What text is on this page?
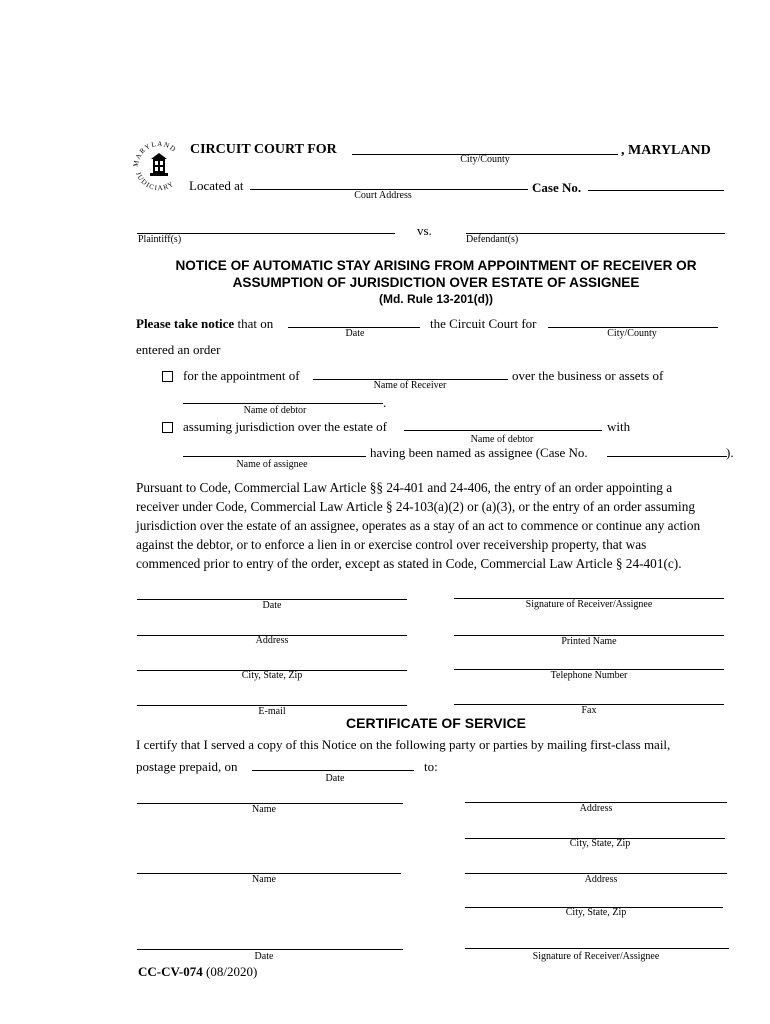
MARYLAND
JUDICIARY
CIRCUIT COURT FOR
City/County
, MARYLAND
Located at
Court Address
Case No.
Plaintiff(s)
vs.
Defendant(s)
NOTICE OF AUTOMATIC STAY ARISING FROM APPOINTMENT OF RECEIVER OR
ASSUMPTION OF JURISDICTION OVER ESTATE OF ASSIGNEE
(Md. Rule 13-201(d))
Please take notice that on
Date
the Circuit Court for
City/County
entered an order
for the appointment of
Name of Receiver
over the business or assets of
.
Name of debtor
assuming jurisdiction over the estate of
Name of debtor
with
Name of assignee
having been named as assignee (Case No.	).
Pursuant to Code, Commercial Law Article §§ 24-401 and 24-406, the entry of an order appointing a
receiver under Code, Commercial Law Article § 24-103(a)(2) or (a)(3), or the entry of an order assuming
jurisdiction over the estate of an assignee, operates as a stay of an act to commence or continue any action
against the debtor, or to enforce a lien in or exercise control over receivership property, that was
commenced prior to entry of the order, except as stated in Code, Commercial Law Article § 24-401(c).
Date	Signature of Receiver/Assignee
Address	Printed Name
City, State, Zip	Telephone Number
E-mail	Fax
CERTIFICATE OF SERVICE
I certify that I served a copy of this Notice on the following party or parties by mailing first-class mail,
postage prepaid, on
Date
to:
Name	Address
City, State, Zip
Name	Address
City, State, Zip
Date	Signature of Receiver/Assignee
CC-CV-074 (08/2020)
